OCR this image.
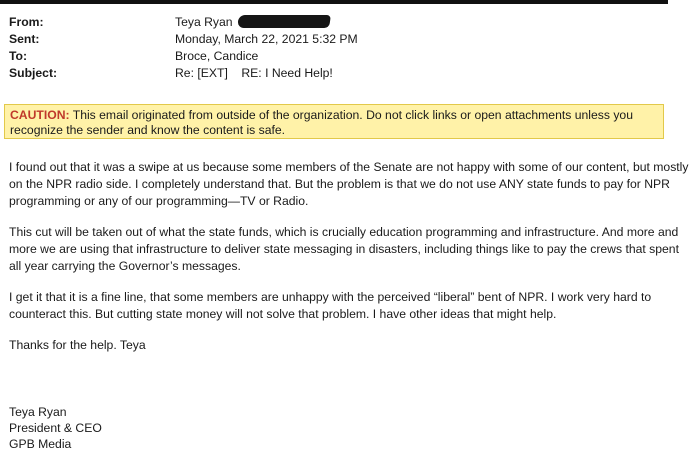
From:	Teya Ryan
Sent:	Monday, March 22, 2021 5:32 PM
To:	Broce, Candice
Subject:	Re: [EXT]    RE: I Need Help!
CAUTION: This email originated from outside of the organization. Do not click links or open attachments unless you recognize the sender and know the content is safe.

I found out that it was a swipe at us because some members of the Senate are not happy with some of our content, but mostly on the NPR radio side. I completely understand that. But the problem is that we do not use ANY state funds to pay for NPR programming or any of our programming—TV or Radio.

This cut will be taken out of what the state funds, which is crucially education programming and infrastructure. And more and more we are using that infrastructure to deliver state messaging in disasters, including things like to pay the crews that spent all year carrying the Governor’s messages.

I get it that it is a fine line, that some members are unhappy with the perceived “liberal” bent of NPR. I work very hard to counteract this. But cutting state money will not solve that problem. I have other ideas that might help.

Thanks for the help. Teya

Teya Ryan
President & CEO
GPB Media
